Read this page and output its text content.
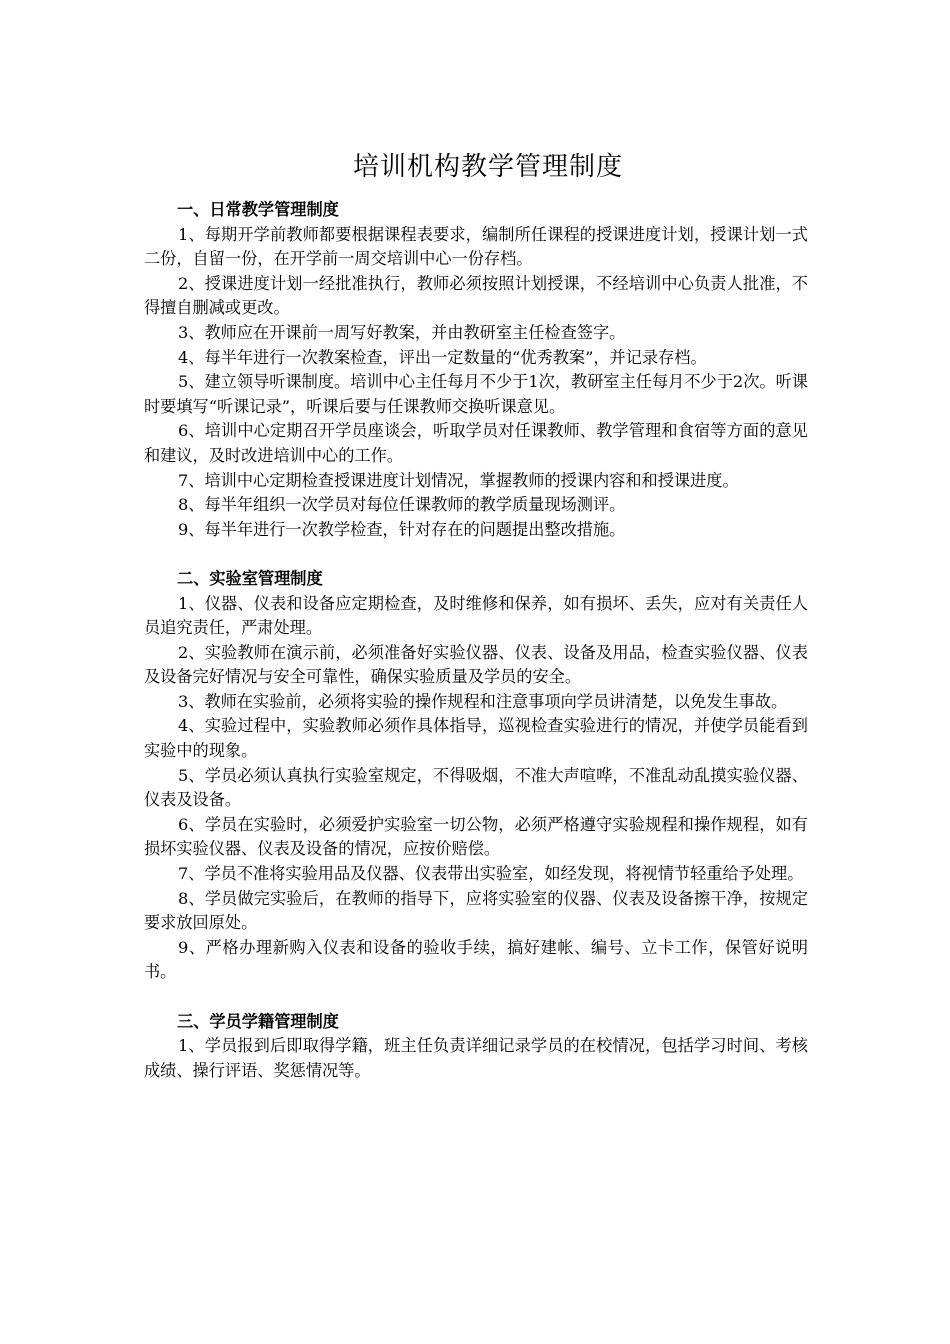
培训机构教学管理制度

一、日常教学管理制度

1、每期开学前教师都要根据课程表要求，编制所任课程的授课进度计划，授课计划一式二份，自留一份，在开学前一周交培训中心一份存档。

2、授课进度计划一经批准执行，教师必须按照计划授课，不经培训中心负责人批准，不得擅自删减或更改。

3、教师应在开课前一周写好教案，并由教研室主任检查签字。

4、每半年进行一次教案检查，评出一定数量的“优秀教案”，并记录存档。

5、建立领导听课制度。培训中心主任每月不少于1次，教研室主任每月不少于2次。听课时要填写“听课记录”，听课后要与任课教师交换听课意见。

6、培训中心定期召开学员座谈会，听取学员对任课教师、教学管理和食宿等方面的意见和建议，及时改进培训中心的工作。

7、培训中心定期检查授课进度计划情况，掌握教师的授课内容和和授课进度。

8、每半年组织一次学员对每位任课教师的教学质量现场测评。

9、每半年进行一次教学检查，针对存在的问题提出整改措施。

二、实验室管理制度

1、仪器、仪表和设备应定期检查，及时维修和保养，如有损坏、丢失，应对有关责任人员追究责任，严肃处理。

2、实验教师在演示前，必须准备好实验仪器、仪表、设备及用品，检查实验仪器、仪表及设备完好情况与安全可靠性，确保实验质量及学员的安全。

3、教师在实验前，必须将实验的操作规程和注意事项向学员讲清楚，以免发生事故。

4、实验过程中，实验教师必须作具体指导，巡视检查实验进行的情况，并使学员能看到实验中的现象。

5、学员必须认真执行实验室规定，不得吸烟，不准大声喧哗，不准乱动乱摸实验仪器、仪表及设备。

6、学员在实验时，必须爱护实验室一切公物，必须严格遵守实验规程和操作规程，如有损坏实验仪器、仪表及设备的情况，应按价赔偿。

7、学员不准将实验用品及仪器、仪表带出实验室，如经发现，将视情节轻重给予处理。

8、学员做完实验后，在教师的指导下，应将实验室的仪器、仪表及设备擦干净，按规定要求放回原处。

9、严格办理新购入仪表和设备的验收手续，搞好建帐、编号、立卡工作，保管好说明书。

三、学员学籍管理制度

1、学员报到后即取得学籍，班主任负责详细记录学员的在校情况，包括学习时间、考核成绩、操行评语、奖惩情况等。
